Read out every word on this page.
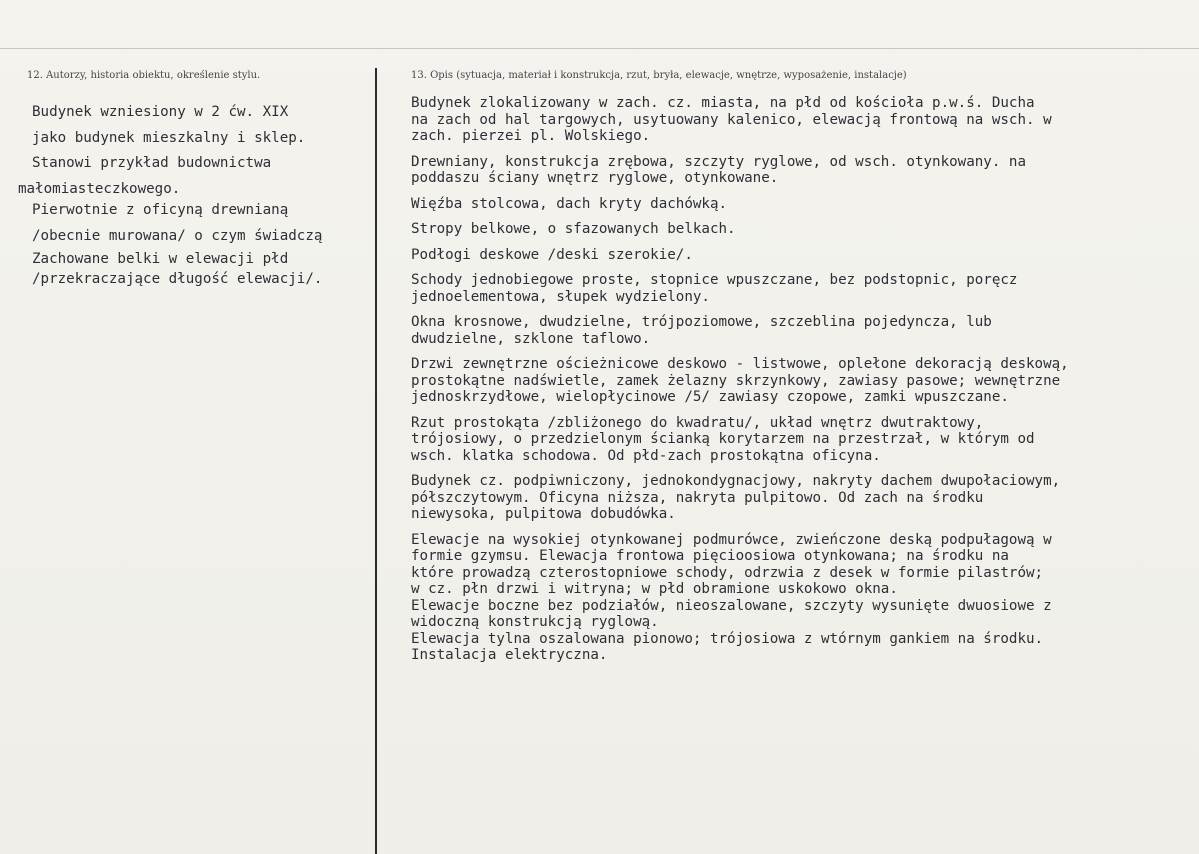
12. Autorzy, historia obiektu, określenie stylu.	13. Opis (sytuacja, materiał i konstrukcja, rzut, bryła, elewacje, wnętrze, wyposażenie, instalacje)
Budynek wzniesiony w 2 ćw. XIX
jako budynek mieszkalny i sklep.
Stanowi przykład budownictwa
małomiasteczkowego.
Pierwotnie z oficyną drewnianą
/obecnie murowana/ o czym świadczą
Zachowane belki w elewacji płd
/przekraczające długość elewacji/.
Budynek zlokalizowany w zach. cz. miasta, na płd od kościoła p.w.ś. Ducha
na zach od hal targowych, usytuowany kalenico, elewacją frontową na wsch. w
zach. pierzei pl. Wolskiego.
Drewniany, konstrukcja zrębowa, szczyty ryglowe, od wsch. otynkowany. na
poddaszu ściany wnętrz ryglowe, otynkowane.
Więźba stolcowa, dach kryty dachówką.
Stropy belkowe, o sfazowanych belkach.
Podłogi deskowe /deski szerokie/.
Schody jednobiegowe proste, stopnice wpuszczane, bez podstopnic, poręcz
jednoelementowa, słupek wydzielony.
Okna krosnowe, dwudzielne, trójpoziomowe, szczeblina pojedyncza, lub
dwudzielne, szklone taflowo.
Drzwi zewnętrzne ościeżnicowe deskowo - listwowe, oplełone dekoracją deskową,
prostokątne nadświetle, zamek żelazny skrzynkowy, zawiasy pasowe; wewnętrzne
jednoskrzydłowe, wielopłycinowe /5/ zawiasy czopowe, zamki wpuszczane.
Rzut prostokąta /zbliżonego do kwadratu/, układ wnętrz dwutraktowy,
trójosiowy, o przedzielonym ścianką korytarzem na przestrzał, w którym od
wsch. klatka schodowa. Od płd-zach prostokątna oficyna.
Budynek cz. podpiwniczony, jednokondygnacjowy, nakryty dachem dwupołaciowym,
półszczytowym. Oficyna niższa, nakryta pulpitowo. Od zach na środku
niewysoka, pulpitowa dobudówka.
Elewacje na wysokiej otynkowanej podmurówce, zwieńczone deską podpułagową w
formie gzymsu. Elewacja frontowa pięcioosiowa otynkowana; na środku na
które prowadzą czterostopniowe schody, odrzwia z desek w formie pilastrów;
w cz. płn drzwi i witryna; w płd obramione uskokowo okna.
Elewacje boczne bez podziałów, nieoszalowane, szczyty wysunięte dwuosiowe z
widoczną konstrukcją ryglową.
Elewacja tylna oszalowana pionowo; trójosiowa z wtórnym gankiem na środku.
Instalacja elektryczna.
